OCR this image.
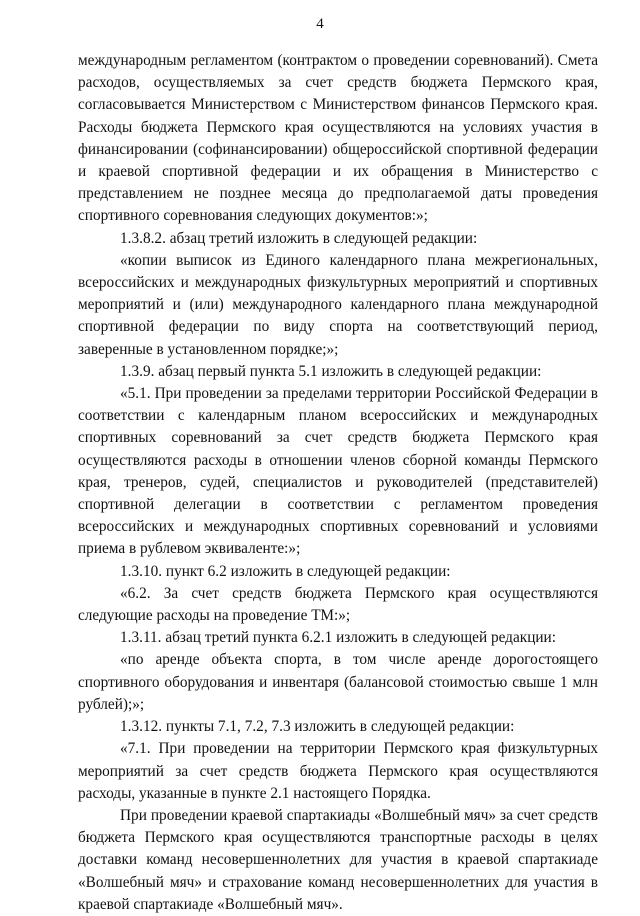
4

международным регламентом (контрактом о проведении соревнований). Смета расходов, осуществляемых за счет средств бюджета Пермского края, согласовывается Министерством с Министерством финансов Пермского края. Расходы бюджета Пермского края осуществляются на условиях участия в финансировании (софинансировании) общероссийской спортивной федерации и краевой спортивной федерации и их обращения в Министерство с представлением не позднее месяца до предполагаемой даты проведения спортивного соревнования следующих документов:»;

1.3.8.2. абзац третий изложить в следующей редакции:

«копии выписок из Единого календарного плана межрегиональных, всероссийских и международных физкультурных мероприятий и спортивных мероприятий и (или) международного календарного плана международной спортивной федерации по виду спорта на соответствующий период, заверенные в установленном порядке;»;

1.3.9. абзац первый пункта 5.1 изложить в следующей редакции:

«5.1. При проведении за пределами территории Российской Федерации в соответствии с календарным планом всероссийских и международных спортивных соревнований за счет средств бюджета Пермского края осуществляются расходы в отношении членов сборной команды Пермского края, тренеров, судей, специалистов и руководителей (представителей) спортивной делегации в соответствии с регламентом проведения всероссийских и международных спортивных соревнований и условиями приема в рублевом эквиваленте:»;

1.3.10. пункт 6.2 изложить в следующей редакции:

«6.2. За счет средств бюджета Пермского края осуществляются следующие расходы на проведение ТМ:»;

1.3.11. абзац третий пункта 6.2.1 изложить в следующей редакции:

«по аренде объекта спорта, в том числе аренде дорогостоящего спортивного оборудования и инвентаря (балансовой стоимостью свыше 1 млн рублей);»;

1.3.12. пункты 7.1, 7.2, 7.3 изложить в следующей редакции:

«7.1. При проведении на территории Пермского края физкультурных мероприятий за счет средств бюджета Пермского края осуществляются расходы, указанные в пункте 2.1 настоящего Порядка.

При проведении краевой спартакиады «Волшебный мяч» за счет средств бюджета Пермского края осуществляются транспортные расходы в целях доставки команд несовершеннолетних для участия в краевой спартакиаде «Волшебный мяч» и страхование команд несовершеннолетних для участия в краевой спартакиаде «Волшебный мяч».
